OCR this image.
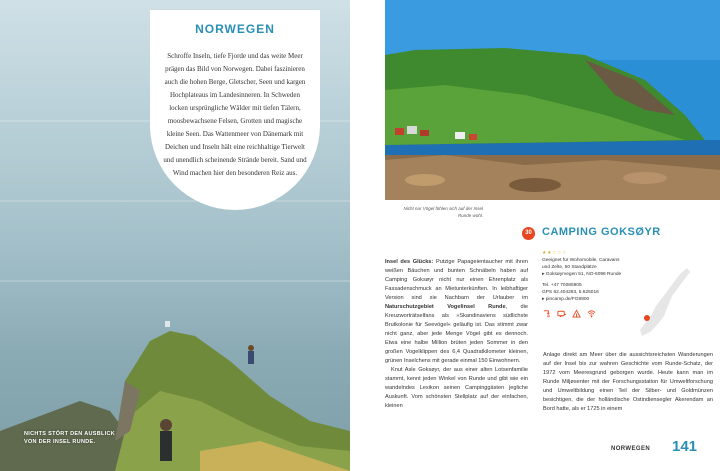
NORWEGEN
Schroffe Inseln, tiefe Fjorde und das weite Meer prägen das Bild von Norwegen. Dabei faszinieren auch die hohen Berge, Gletscher, Seen und kargen Hochplateaus im Landesinneren. In Schweden locken ursprüngliche Wälder mit tiefen Tälern, moosbewachsene Felsen, Grotten und magische kleine Seen. Das Wattenmeer von Dänemark mit Deichen und Inseln hält eine reichhaltige Tierwelt und unendlich scheinende Strände bereit. Sand und Wind machen hier den besonderen Reiz aus.
NICHTS STÖRT DEN AUSBLICK
VON DER INSEL RUNDE.
Nicht nur Vögel fühlen sich auf der Insel
Runde wohl.
30 CAMPING GOKSØYR
★★☆☆☆
Geeignet für Wohnmobile, Caravans
und Zelte, 50 Standplätze
▸ Goksøyrvegen 51, NO-6096 Runde
Tel. +47 70085905
GPS 62.404283, 5.625016
▸ pincamp.de/FG8800

Insel des Glücks: Putzige Papageientaucher mit ihren weißen Bäuchen und bunten Schnäbeln haben auf Camping Goksøyr nicht nur einen Ehrenplatz als Fassadenschmuck an Mietunterkünften. In leibhaftiger Version sind sie Nachbarn der Urlauber im Naturschutzgebiet Vogelinsel Runde, die Kreuzworträtselfans als »Skandinaviens südlichste Brutkolonie für Seevögel« geläufig ist. Das stimmt zwar nicht ganz, aber jede Menge Vögel gibt es dennoch. Etwa eine halbe Million brüten jeden Sommer in den großen Vogelklippen des 6,4 Quadratkilometer kleinen, grünen Inselchens mit gerade einmal 150 Einwohnern.

Knut Asle Goksøyr, der aus einer alten Lotsenfamilie stammt, kennt jeden Winkel von Runde und gibt wie ein wandelndes Lexikon seinen Campinggästen jegliche Auskunft. Vom schönsten Stellplatz auf der einfachen, kleinen

Anlage direkt am Meer über die aussichtsreichsten Wanderungen auf der Insel bis zur wahren Geschichte vom Runde-Schatz, der 1972 vom Meeresgrund geborgen wurde. Heute kann man im Runde Miljøsenter mit der Forschungsstation für Umweltforschung und Umweltbildung einen Teil der Silber- und Goldmünzen besichtigen, die der holländische Ostindiensegler Akerendam an Bord hatte, als er 1725 in einem

NORWEGEN 141
